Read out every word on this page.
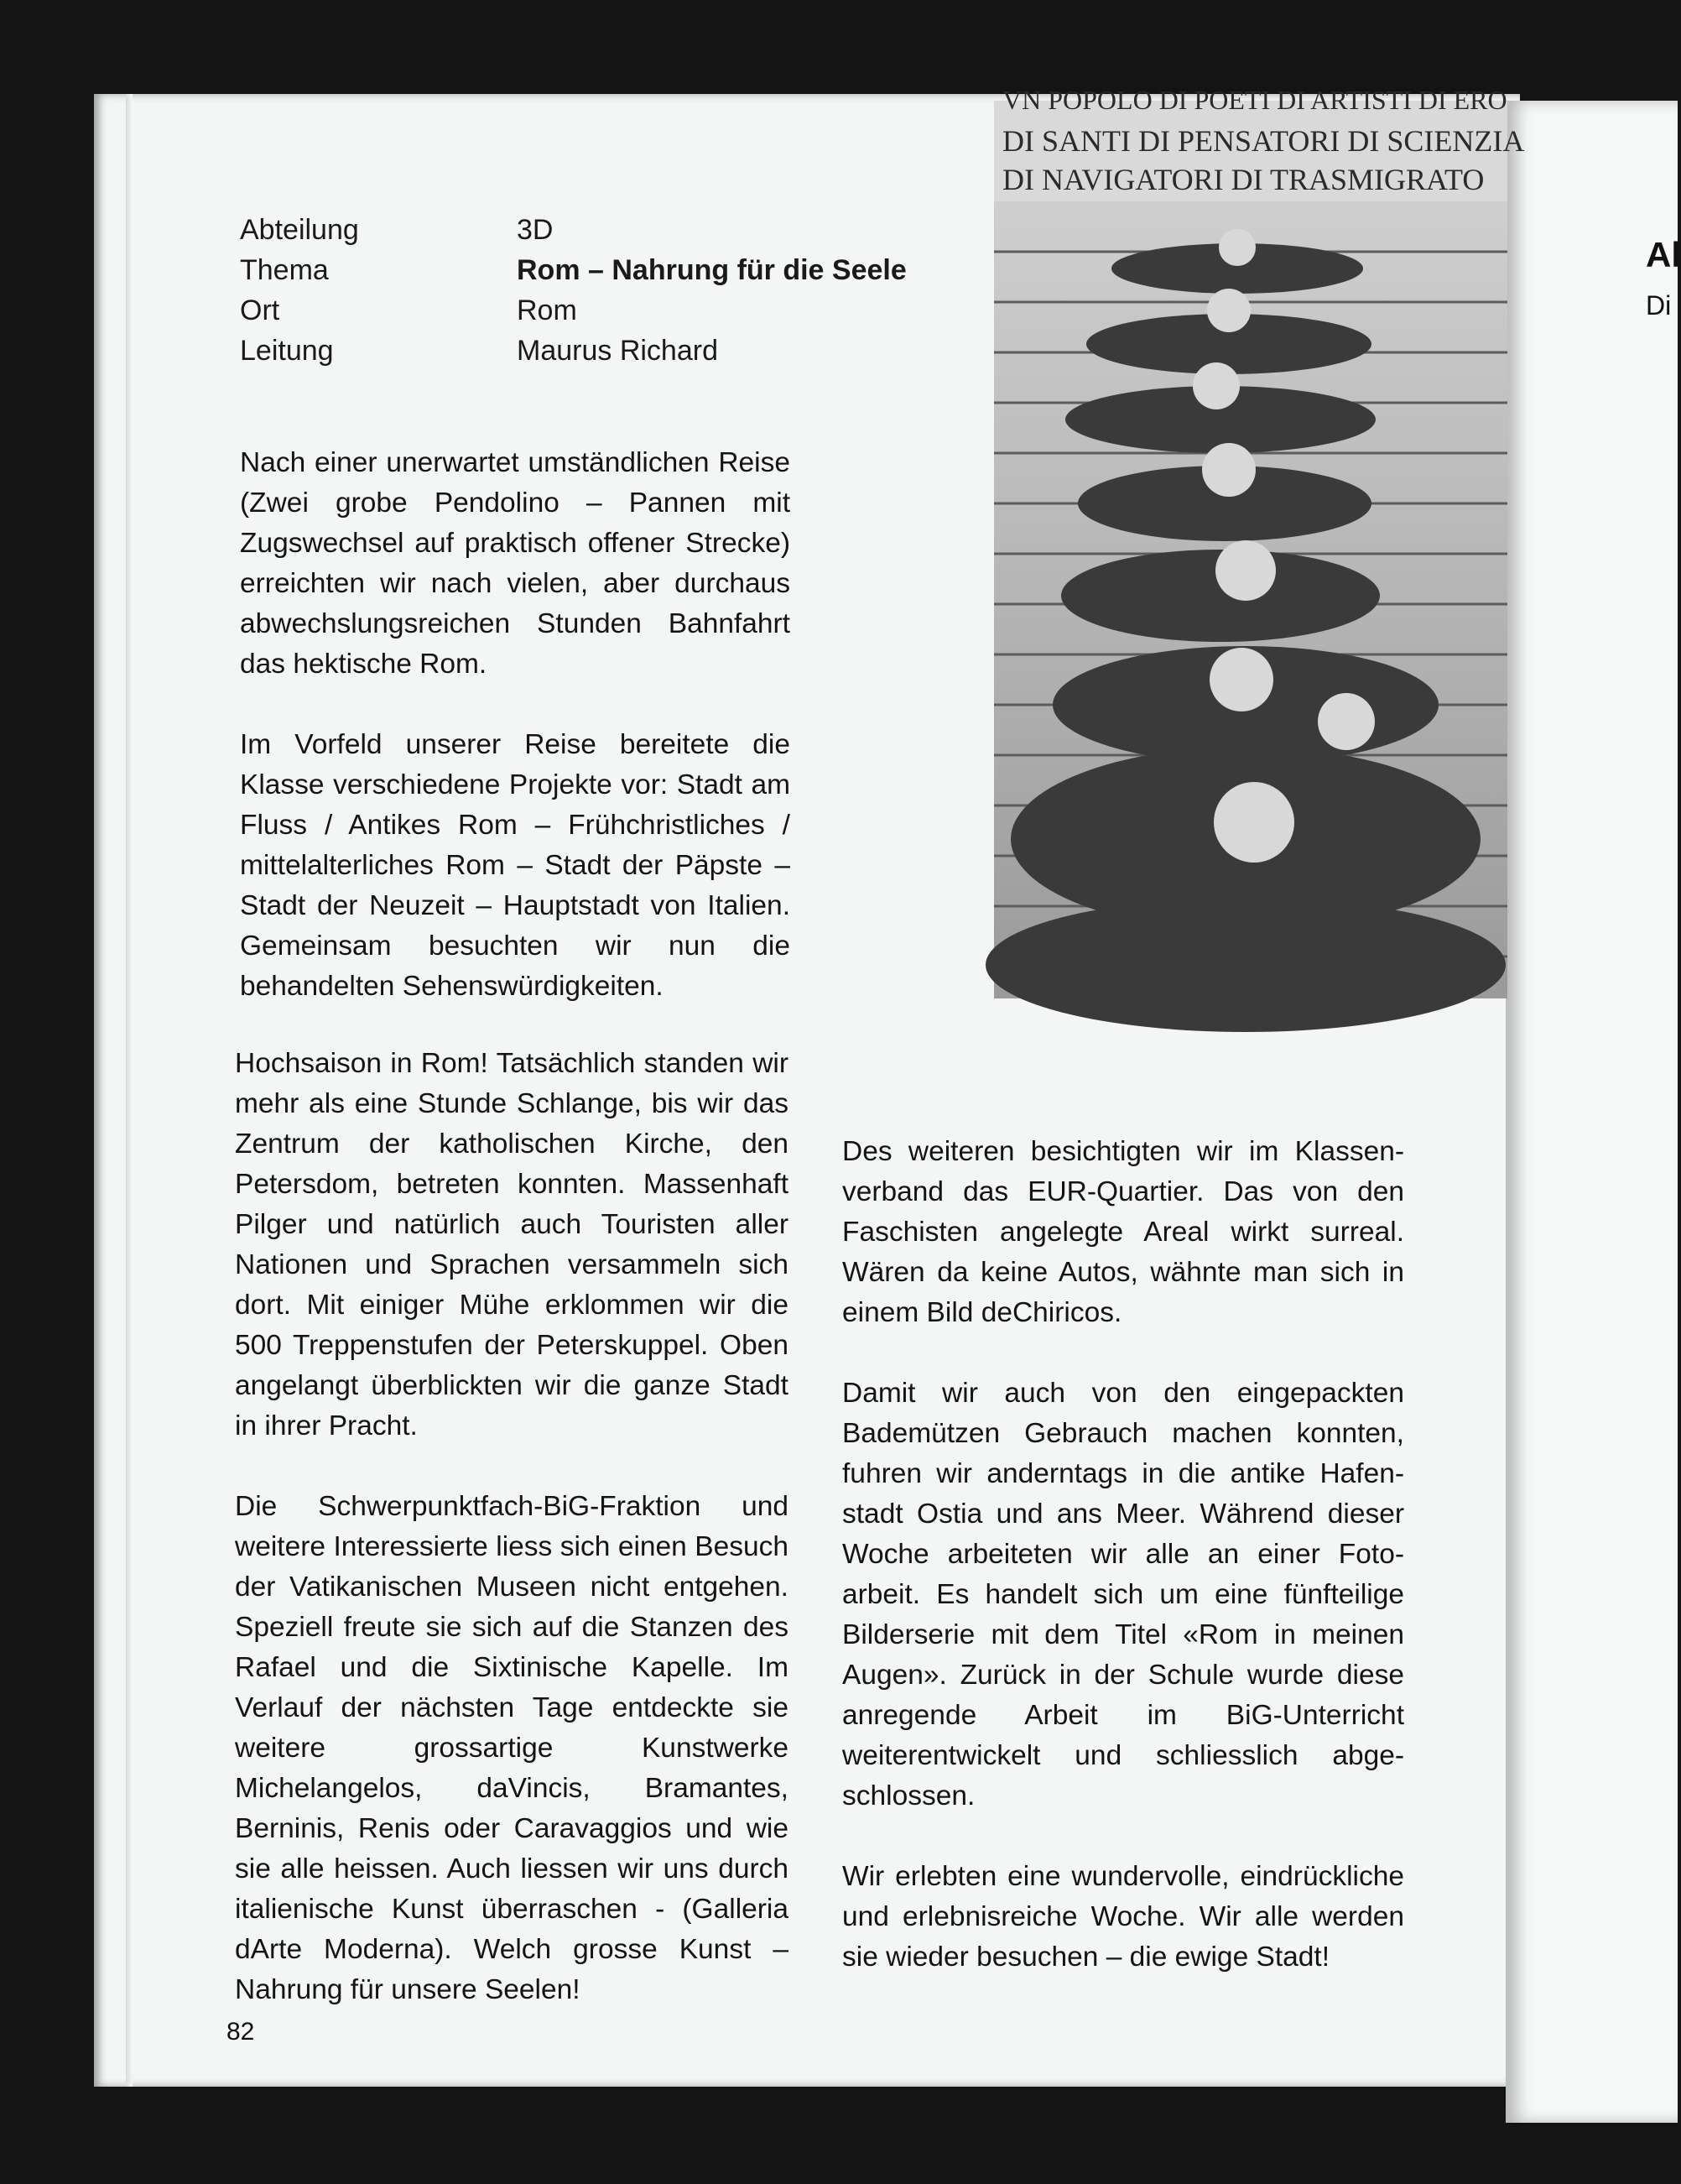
Al
Di
Abteilung	3D
Thema	Rom – Nahrung für die Seele
Ort	Rom
Leitung	Maurus Richard
VN POPOLO DI POETI DI ARTISTI DI ERO
DI SANTI DI PENSATORI DI SCIENZIA
DI NAVIGATORI DI TRASMIGRATO

Nach einer unerwartet umständlichen Reise (Zwei grobe Pendolino – Pannen mit Zugswechsel auf praktisch offener Strecke) erreichten wir nach vielen, aber durchaus abwechslungsreichen Stunden Bahnfahrt das hektische Rom.

Im Vorfeld unserer Reise bereitete die Klasse verschiedene Projekte vor: Stadt am Fluss / Antikes Rom – Frühchristliches / mittelalterliches Rom – Stadt der Päpste – Stadt der Neuzeit – Hauptstadt von Italien. Gemeinsam besuchten wir nun die behandelten Sehenswürdigkeiten.

Hochsaison in Rom! Tatsächlich standen wir mehr als eine Stunde Schlange, bis wir das Zentrum der katholischen Kirche, den Petersdom, betreten konnten. Massenhaft Pilger und natürlich auch Touristen aller Nationen und Sprachen versammeln sich dort. Mit einiger Mühe erklommen wir die 500 Treppenstufen der Peterskuppel. Oben angelangt überblickten wir die ganze Stadt in ihrer Pracht.

Die Schwerpunktfach-BiG-Fraktion und weitere Interessierte liess sich einen Besuch der Vatikanischen Museen nicht entgehen. Speziell freute sie sich auf die Stanzen des Rafael und die Sixtinische Kapelle. Im Verlauf der nächsten Tage entdeckte sie weitere grossartige Kunstwerke Michelangelos, daVincis, Bramantes, Berninis, Renis oder Caravaggios und wie sie alle heissen. Auch liessen wir uns durch italienische Kunst überraschen - (Galleria dArte Moderna). Welch grosse Kunst – Nahrung für unsere Seelen!

Des weiteren besichtigten wir im Klassenverband das EUR-Quartier. Das von den Faschisten angelegte Areal wirkt surreal. Wären da keine Autos, wähnte man sich in einem Bild deChiricos.

Damit wir auch von den eingepackten Bademützen Gebrauch machen konnten, fuhren wir anderntags in die antike Hafenstadt Ostia und ans Meer. Während dieser Woche arbeiteten wir alle an einer Fotoarbeit. Es handelt sich um eine fünfteilige Bilderserie mit dem Titel «Rom in meinen Augen». Zurück in der Schule wurde diese anregende Arbeit im BiG-Unterricht weiterentwickelt und schliesslich abgeschlossen.

Wir erlebten eine wundervolle, eindrückliche und erlebnisreiche Woche. Wir alle werden sie wieder besuchen – die ewige Stadt!

82
